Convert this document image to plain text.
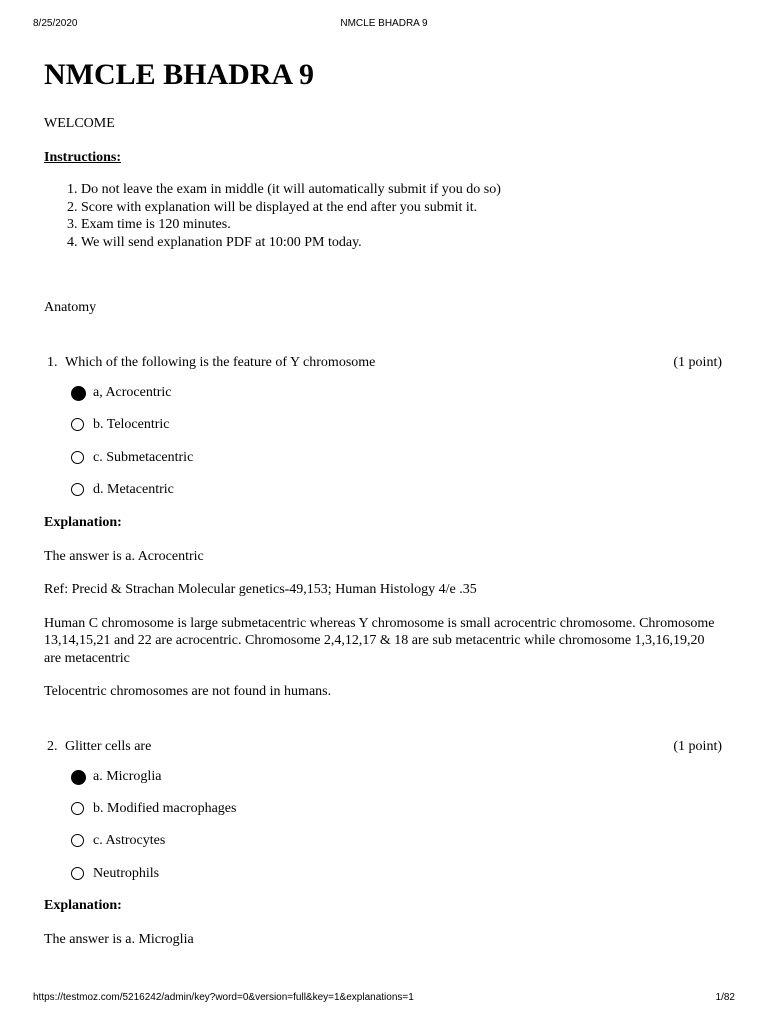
8/25/2020	NMCLE BHADRA 9
NMCLE BHADRA 9

WELCOME

Instructions:

1. Do not leave the exam in middle (it will automatically submit if you do so)
2. Score with explanation will be displayed at the end after you submit it.
3. Exam time is 120 minutes.
4. We will send explanation PDF at 10:00 PM today.

Anatomy

1. Which of the following is the feature of Y chromosome	(1 point)
a, Acrocentric
b. Telocentric
c. Submetacentric
d. Metacentric

Explanation:

The answer is a. Acrocentric

Ref: Precid & Strachan Molecular genetics-49,153; Human Histology 4/e .35

Human C chromosome is large submetacentric whereas Y chromosome is small acrocentric chromosome. Chromosome 13,14,15,21 and 22 are acrocentric. Chromosome 2,4,12,17 & 18 are sub metacentric while chromosome 1,3,16,19,20 are metacentric

Telocentric chromosomes are not found in humans.

2. Glitter cells are	(1 point)
a. Microglia
b. Modified macrophages
c. Astrocytes
Neutrophils

Explanation:

The answer is a. Microglia

https://testmoz.com/5216242/admin/key?word=0&version=full&key=1&explanations=1	1/82
